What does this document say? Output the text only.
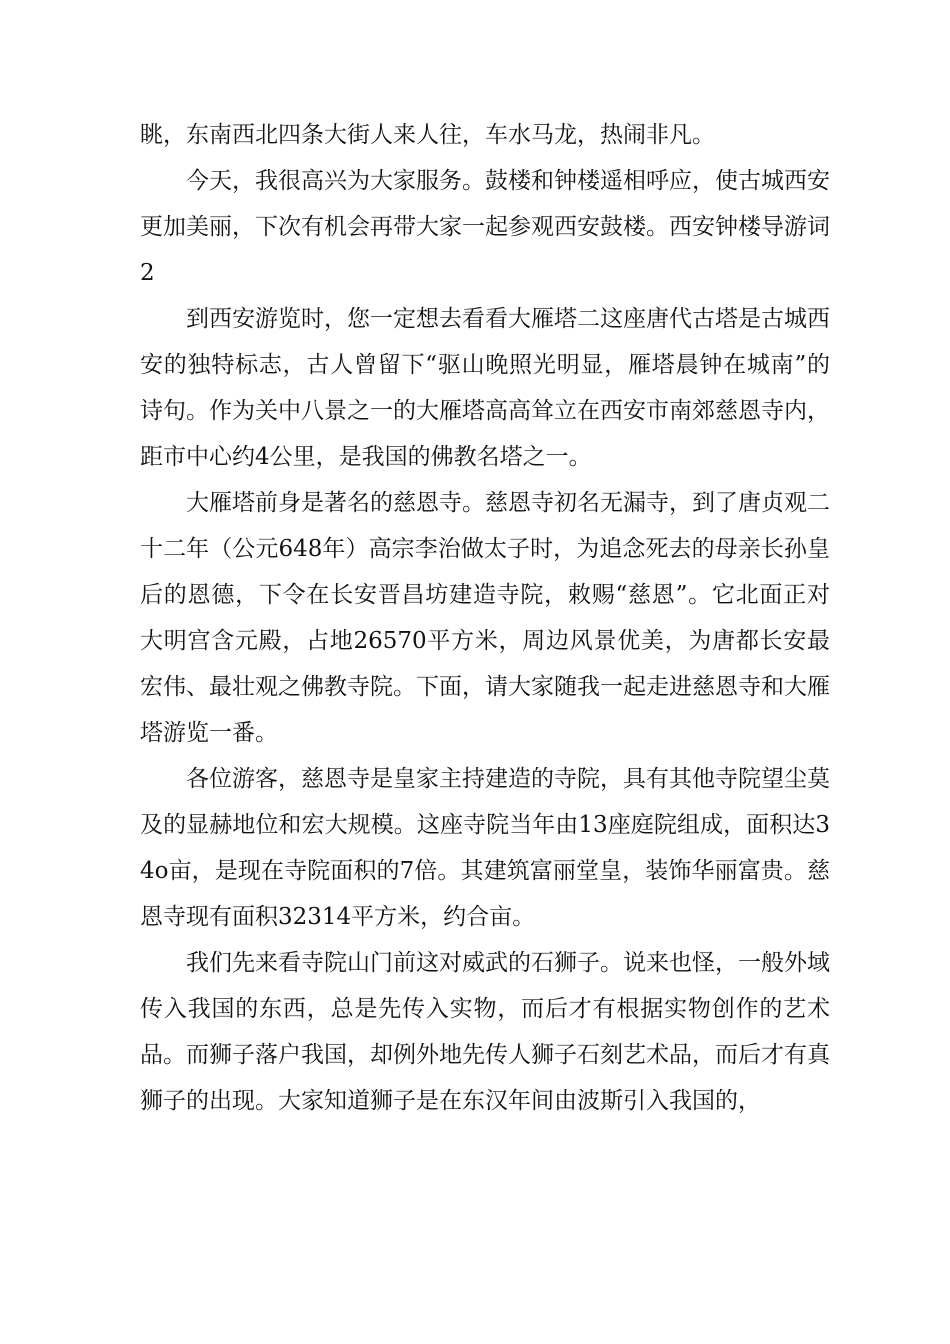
眺，东南西北四条大街人来人往，车水马龙，热闹非凡。

今天，我很高兴为大家服务。鼓楼和钟楼遥相呼应，使古城西安更加美丽，下次有机会再带大家一起参观西安鼓楼。西安钟楼导游词2

到西安游览时，您一定想去看看大雁塔二这座唐代古塔是古城西安的独特标志，古人曾留下“驱山晚照光明显，雁塔晨钟在城南”的诗句。作为关中八景之一的大雁塔高高耸立在西安市南郊慈恩寺内，距市中心约4公里，是我国的佛教名塔之一。

大雁塔前身是著名的慈恩寺。慈恩寺初名无漏寺，到了唐贞观二十二年（公元648年）高宗李治做太子时，为追念死去的母亲长孙皇后的恩德，下令在长安晋昌坊建造寺院，敕赐“慈恩”。它北面正对大明宫含元殿，占地26570平方米，周边风景优美，为唐都长安最宏伟、最壮观之佛教寺院。下面，请大家随我一起走进慈恩寺和大雁塔游览一番。

各位游客，慈恩寺是皇家主持建造的寺院，具有其他寺院望尘莫及的显赫地位和宏大规模。这座寺院当年由13座庭院组成，面积达34o亩，是现在寺院面积的7倍。其建筑富丽堂皇，装饰华丽富贵。慈恩寺现有面积32314平方米，约合亩。

我们先来看寺院山门前这对威武的石狮子。说来也怪，一般外域传入我国的东西，总是先传入实物，而后才有根据实物创作的艺术品。而狮子落户我国，却例外地先传人狮子石刻艺术品，而后才有真狮子的出现。大家知道狮子是在东汉年间由波斯引入我国的，
